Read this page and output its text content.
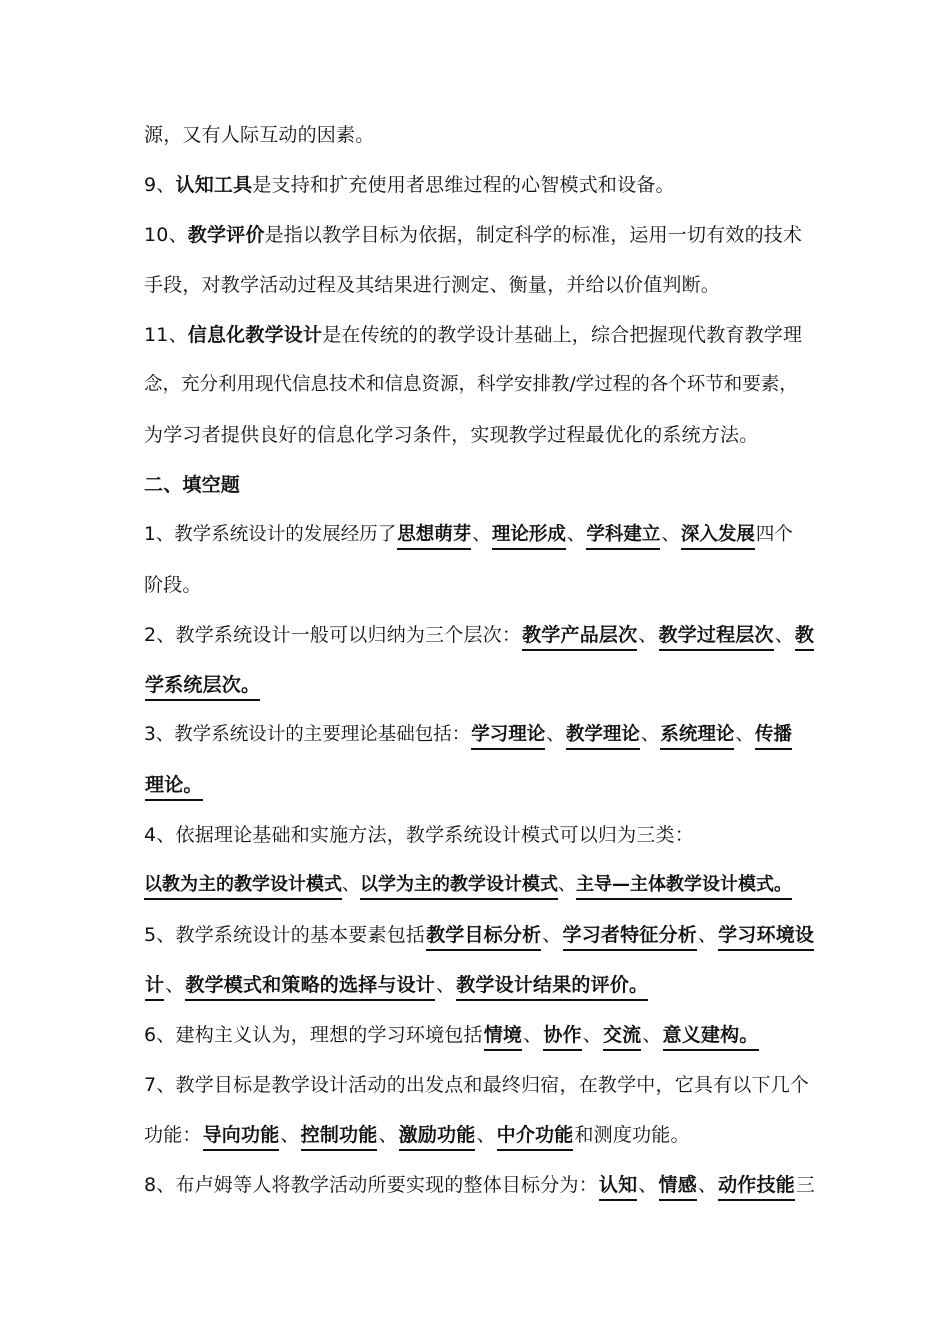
源，又有人际互动的因素。
9、认知工具是支持和扩充使用者思维过程的心智模式和设备。
10、教学评价是指以教学目标为依据，制定科学的标准，运用一切有效的技术
手段，对教学活动过程及其结果进行测定、衡量，并给以价值判断。
11、信息化教学设计是在传统的的教学设计基础上，综合把握现代教育教学理
念，充分利用现代信息技术和信息资源，科学安排教/学过程的各个环节和要素，
为学习者提供良好的信息化学习条件，实现教学过程最优化的系统方法。
二、填空题
1、教学系统设计的发展经历了思想萌芽、理论形成、学科建立、深入发展四个
阶段。
2、教学系统设计一般可以归纳为三个层次：教学产品层次、教学过程层次、教
学系统层次。
3、教学系统设计的主要理论基础包括：学习理论、教学理论、系统理论、传播
理论。
4、依据理论基础和实施方法，教学系统设计模式可以归为三类：
以教为主的教学设计模式、以学为主的教学设计模式、主导—主体教学设计模式。
5、教学系统设计的基本要素包括教学目标分析、学习者特征分析、学习环境设
计、教学模式和策略的选择与设计、教学设计结果的评价。
6、建构主义认为，理想的学习环境包括情境、协作、交流、意义建构。
7、教学目标是教学设计活动的出发点和最终归宿，在教学中，它具有以下几个
功能：导向功能、控制功能、激励功能、中介功能和测度功能。
8、布卢姆等人将教学活动所要实现的整体目标分为：认知、情感、动作技能三
